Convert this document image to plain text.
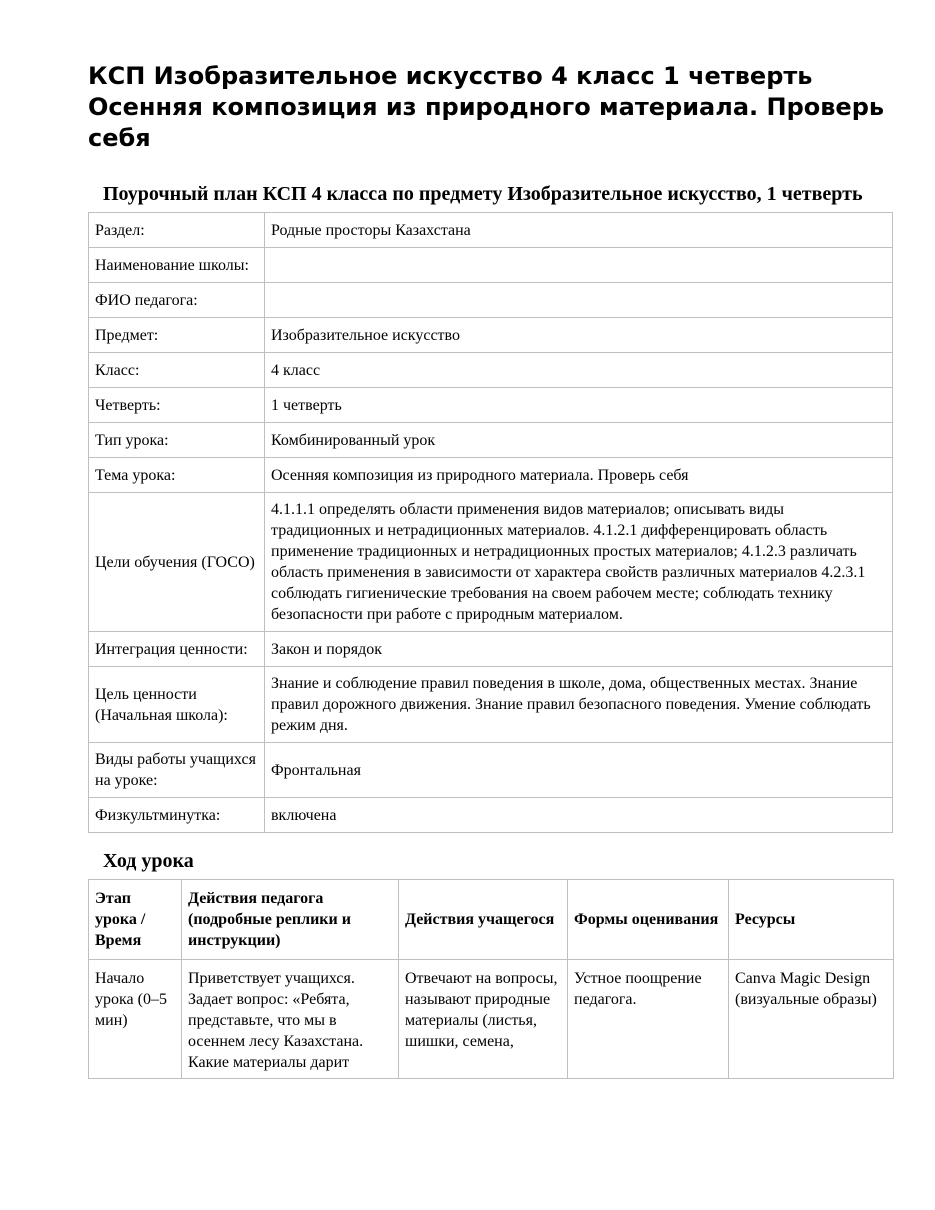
КСП Изобразительное искусство 4 класс 1 четверть Осенняя композиция из природного материала. Проверь себя
Поурочный план КСП 4 класса по предмету Изобразительное искусство, 1 четверть
Раздел:	Родные просторы Казахстана
Наименование школы:	
ФИО педагога:	
Предмет:	Изобразительное искусство
Класс:	4 класс
Четверть:	1 четверть
Тип урока:	Комбинированный урок
Тема урока:	Осенняя композиция из природного материала. Проверь себя
Цели обучения (ГОСО)	4.1.1.1 определять области применения видов материалов; описывать виды традиционных и нетрадиционных материалов. 4.1.2.1 дифференцировать область применение традиционных и нетрадиционных простых материалов; 4.1.2.3 различать область применения в зависимости от характера свойств различных материалов 4.2.3.1 соблюдать гигиенические требования на своем рабочем месте; соблюдать технику безопасности при работе с природным материалом.
Интеграция ценности:	Закон и порядок
Цель ценности (Начальная школа):	Знание и соблюдение правил поведения в школе, дома, общественных местах. Знание правил дорожного движения. Знание правил безопасного поведения. Умение соблюдать режим дня.
Виды работы учащихся на уроке:	Фронтальная
Физкультминутка:	включена
Ход урока
Этап урока / Время	Действия педагога (подробные реплики и инструкции)	Действия учащегося	Формы оценивания	Ресурсы

Начало урока (0–5 мин)	Приветствует учащихся. Задает вопрос: «Ребята, представьте, что мы в осеннем лесу Казахстана. Какие материалы дарит	Отвечают на вопросы, называют природные материалы (листья, шишки, семена,	Устное поощрение педагога.	Canva Magic Design (визуальные образы)
